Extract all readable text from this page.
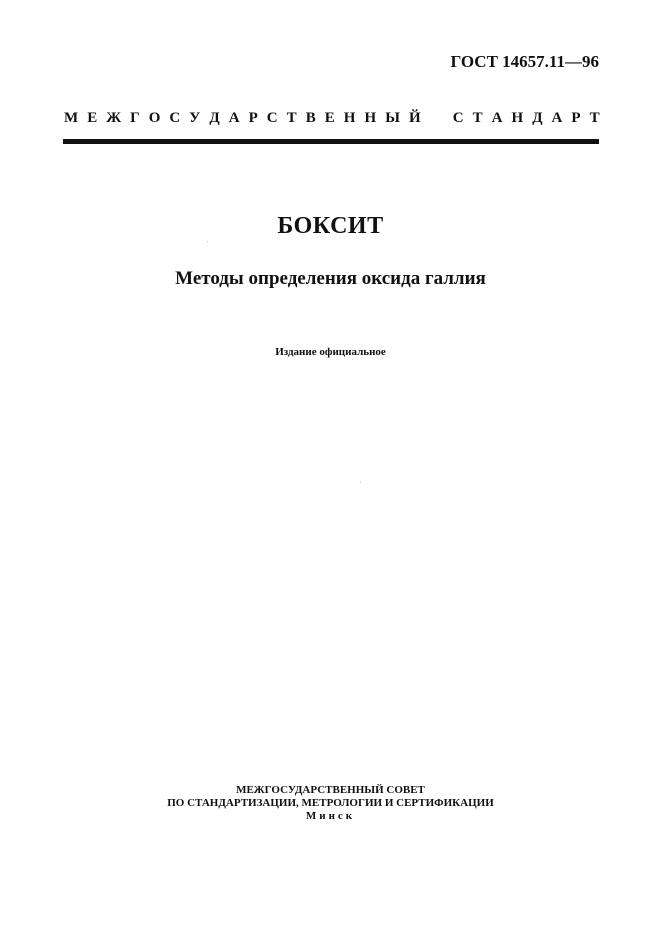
ГОСТ 14657.11—96
М Е Ж Г О С У Д А Р С Т В Е Н Н Ы Й
С Т А Н Д А Р Т
БОКСИТ
Методы определения оксида галлия
Издание официальное
МЕЖГОСУДАРСТВЕННЫЙ СОВЕТ
ПО СТАНДАРТИЗАЦИИ, МЕТРОЛОГИИ И СЕРТИФИКАЦИИ
Минск
